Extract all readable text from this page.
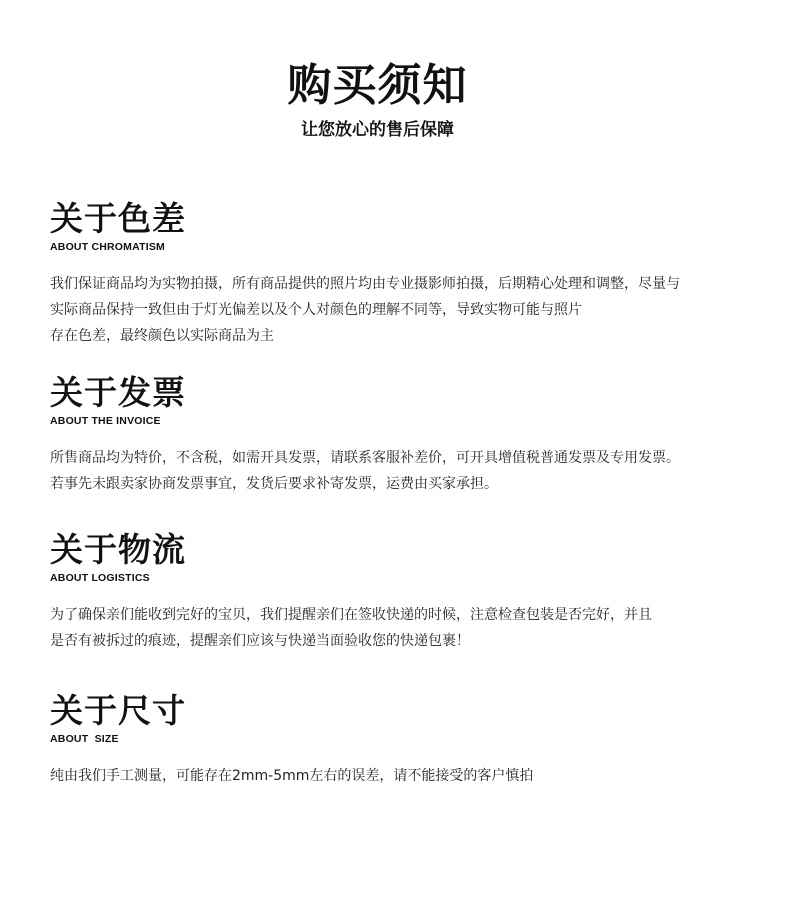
购买须知
让您放心的售后保障
关于色差
ABOUT CHROMATISM
我们保证商品均为实物拍摄，所有商品提供的照片均由专业摄影师拍摄，后期精心处理和调整，尽量与
实际商品保持一致但由于灯光偏差以及个人对颜色的理解不同等，导致实物可能与照片
存在色差，最终颜色以实际商品为主
关于发票
ABOUT THE INVOICE
所售商品均为特价，不含税，如需开具发票，请联系客服补差价，可开具增值税普通发票及专用发票。
若事先未跟卖家协商发票事宜，发货后要求补寄发票，运费由买家承担。
关于物流
ABOUT LOGISTICS
为了确保亲们能收到完好的宝贝，我们提醒亲们在签收快递的时候，注意检查包装是否完好，并且
是否有被拆过的痕迹，提醒亲们应该与快递当面验收您的快递包裹！
关于尺寸
ABOUT  SIZE
纯由我们手工测量，可能存在2mm-5mm左右的误差，请不能接受的客户慎拍
